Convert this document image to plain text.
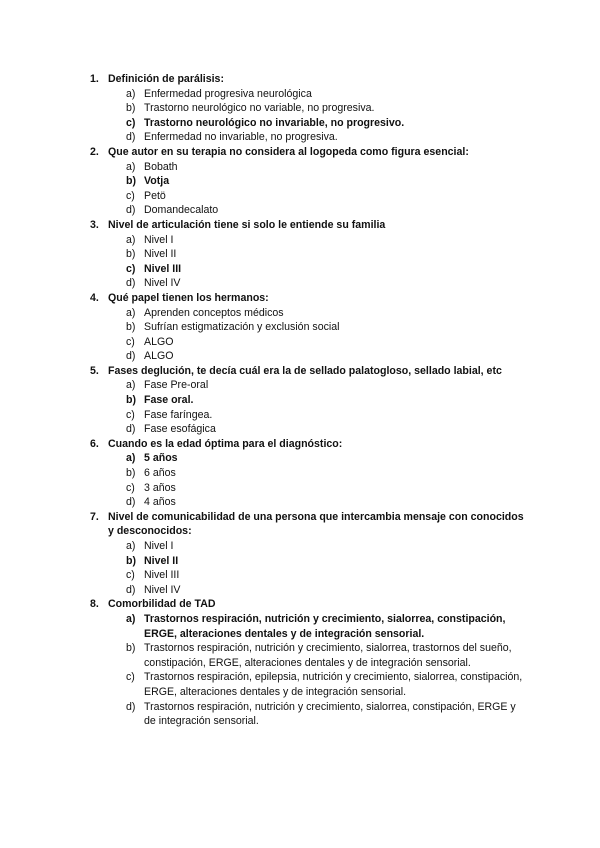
1. Definición de parálisis:
a) Enfermedad progresiva neurológica
b) Trastorno neurológico no variable, no progresiva.
c) Trastorno neurológico no invariable, no progresivo.
d) Enfermedad no invariable, no progresiva.
2. Que autor en su terapia no considera al logopeda como figura esencial:
a) Bobath
b) Votja
c) Petö
d) Domandecalato
3. Nivel de articulación tiene si solo le entiende su familia
a) Nivel I
b) Nivel II
c) Nivel III
d) Nivel IV
4. Qué papel tienen los hermanos:
a) Aprenden conceptos médicos
b) Sufrían estigmatización y exclusión social
c) ALGO
d) ALGO
5. Fases deglución, te decía cuál era la de sellado palatogloso, sellado labial, etc
a) Fase Pre-oral
b) Fase oral.
c) Fase faríngea.
d) Fase esofágica
6. Cuando es la edad óptima para el diagnóstico:
a) 5 años
b) 6 años
c) 3 años
d) 4 años
7. Nivel de comunicabilidad de una persona que intercambia mensaje con conocidos y desconocidos:
a) Nivel I
b) Nivel II
c) Nivel III
d) Nivel IV
8. Comorbilidad de TAD
a) Trastornos respiración, nutrición y crecimiento, sialorrea, constipación, ERGE, alteraciones dentales y de integración sensorial.
b) Trastornos respiración, nutrición y crecimiento, sialorrea, trastornos del sueño, constipación, ERGE, alteraciones dentales y de integración sensorial.
c) Trastornos respiración, epilepsia, nutrición y crecimiento, sialorrea, constipación, ERGE, alteraciones dentales y de integración sensorial.
d) Trastornos respiración, nutrición y crecimiento, sialorrea, constipación, ERGE y de integración sensorial.
